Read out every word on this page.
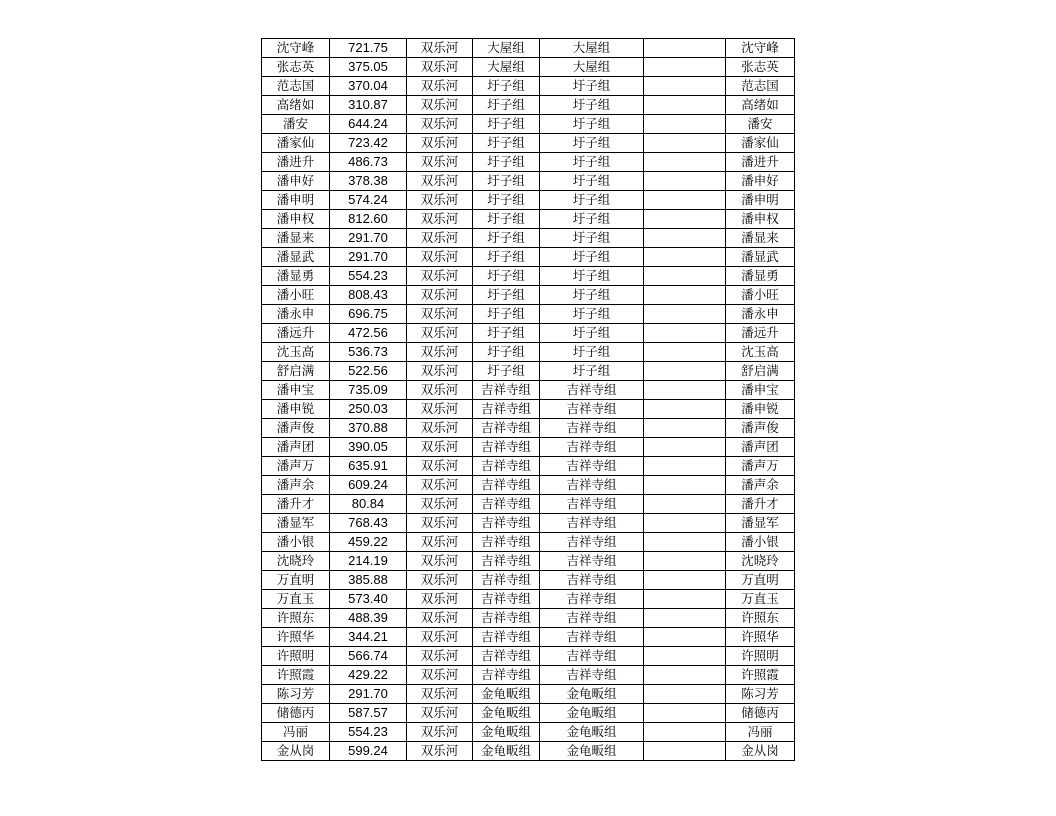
沈守峰	721.75	双乐河	大屋组	大屋组		沈守峰
张志英	375.05	双乐河	大屋组	大屋组		张志英
范志国	370.04	双乐河	圩子组	圩子组		范志国
高绪如	310.87	双乐河	圩子组	圩子组		高绪如
潘安	644.24	双乐河	圩子组	圩子组		潘安
潘家仙	723.42	双乐河	圩子组	圩子组		潘家仙
潘进升	486.73	双乐河	圩子组	圩子组		潘进升
潘申好	378.38	双乐河	圩子组	圩子组		潘申好
潘申明	574.24	双乐河	圩子组	圩子组		潘申明
潘申权	812.60	双乐河	圩子组	圩子组		潘申权
潘显来	291.70	双乐河	圩子组	圩子组		潘显来
潘显武	291.70	双乐河	圩子组	圩子组		潘显武
潘显勇	554.23	双乐河	圩子组	圩子组		潘显勇
潘小旺	808.43	双乐河	圩子组	圩子组		潘小旺
潘永申	696.75	双乐河	圩子组	圩子组		潘永申
潘远升	472.56	双乐河	圩子组	圩子组		潘远升
沈玉高	536.73	双乐河	圩子组	圩子组		沈玉高
舒启满	522.56	双乐河	圩子组	圩子组		舒启满
潘申宝	735.09	双乐河	吉祥寺组	吉祥寺组		潘申宝
潘申锐	250.03	双乐河	吉祥寺组	吉祥寺组		潘申锐
潘声俊	370.88	双乐河	吉祥寺组	吉祥寺组		潘声俊
潘声团	390.05	双乐河	吉祥寺组	吉祥寺组		潘声团
潘声万	635.91	双乐河	吉祥寺组	吉祥寺组		潘声万
潘声余	609.24	双乐河	吉祥寺组	吉祥寺组		潘声余
潘升才	80.84	双乐河	吉祥寺组	吉祥寺组		潘升才
潘显军	768.43	双乐河	吉祥寺组	吉祥寺组		潘显军
潘小银	459.22	双乐河	吉祥寺组	吉祥寺组		潘小银
沈晓玲	214.19	双乐河	吉祥寺组	吉祥寺组		沈晓玲
万直明	385.88	双乐河	吉祥寺组	吉祥寺组		万直明
万直玉	573.40	双乐河	吉祥寺组	吉祥寺组		万直玉
许照东	488.39	双乐河	吉祥寺组	吉祥寺组		许照东
许照华	344.21	双乐河	吉祥寺组	吉祥寺组		许照华
许照明	566.74	双乐河	吉祥寺组	吉祥寺组		许照明
许照霞	429.22	双乐河	吉祥寺组	吉祥寺组		许照霞
陈习芳	291.70	双乐河	金龟畈组	金龟畈组		陈习芳
储德丙	587.57	双乐河	金龟畈组	金龟畈组		储德丙
冯丽	554.23	双乐河	金龟畈组	金龟畈组		冯丽
金从岗	599.24	双乐河	金龟畈组	金龟畈组		金从岗
